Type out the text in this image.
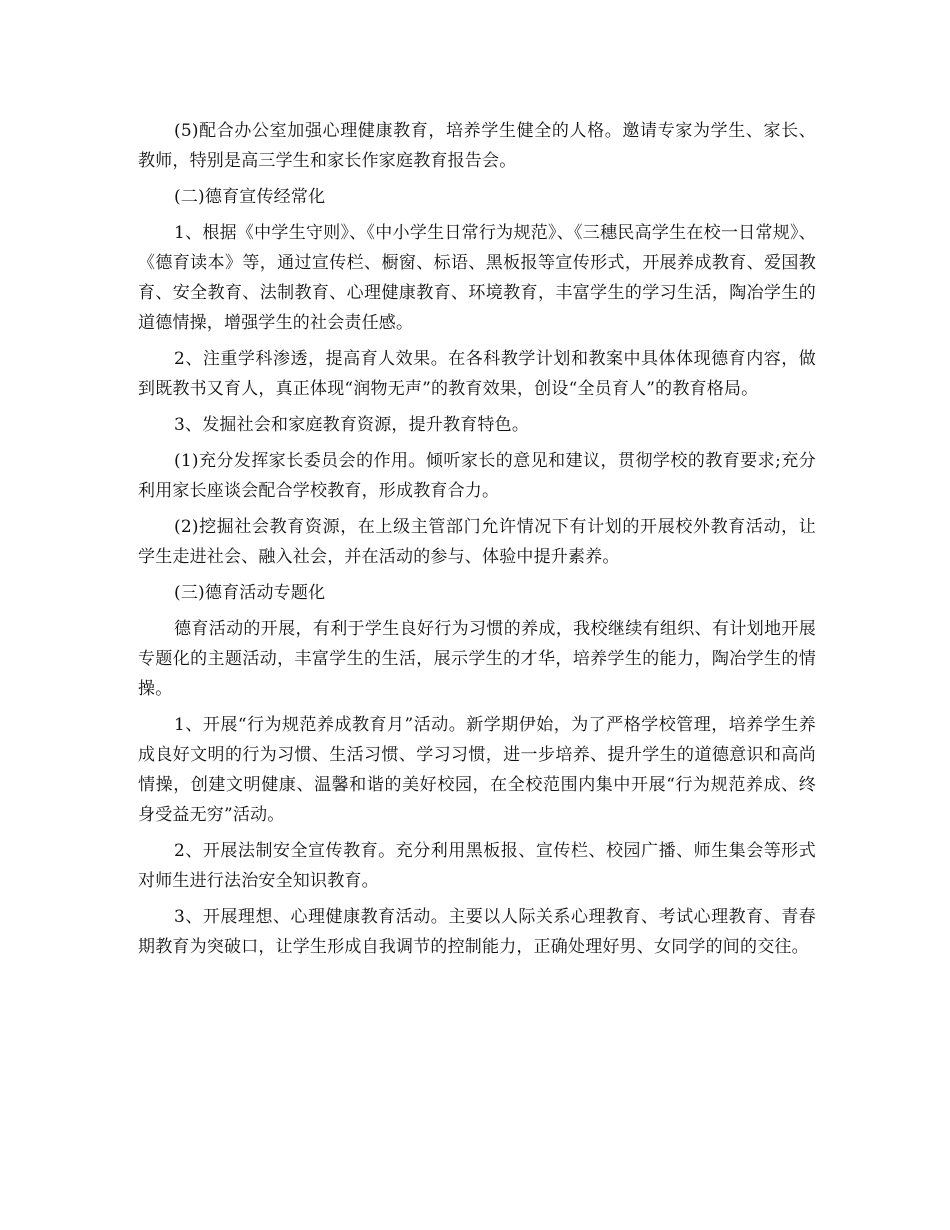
(5)配合办公室加强心理健康教育，培养学生健全的人格。邀请专家为学生、家长、教师，特别是高三学生和家长作家庭教育报告会。

(二)德育宣传经常化

1、根据《中学生守则》、《中小学生日常行为规范》、《三穗民高学生在校一日常规》、《德育读本》等，通过宣传栏、橱窗、标语、黑板报等宣传形式，开展养成教育、爱国教育、安全教育、法制教育、心理健康教育、环境教育，丰富学生的学习生活，陶冶学生的道德情操，增强学生的社会责任感。

2、注重学科渗透，提高育人效果。在各科教学计划和教案中具体体现德育内容，做到既教书又育人，真正体现“润物无声”的教育效果，创设“全员育人”的教育格局。

3、发掘社会和家庭教育资源，提升教育特色。

(1)充分发挥家长委员会的作用。倾听家长的意见和建议，贯彻学校的教育要求;充分利用家长座谈会配合学校教育，形成教育合力。

(2)挖掘社会教育资源，在上级主管部门允许情况下有计划的开展校外教育活动，让学生走进社会、融入社会，并在活动的参与、体验中提升素养。

(三)德育活动专题化

德育活动的开展，有利于学生良好行为习惯的养成，我校继续有组织、有计划地开展专题化的主题活动，丰富学生的生活，展示学生的才华，培养学生的能力，陶冶学生的情操。

1、开展“行为规范养成教育月”活动。新学期伊始，为了严格学校管理，培养学生养成良好文明的行为习惯、生活习惯、学习习惯，进一步培养、提升学生的道德意识和高尚情操，创建文明健康、温馨和谐的美好校园，在全校范围内集中开展“行为规范养成、终身受益无穷”活动。

2、开展法制安全宣传教育。充分利用黑板报、宣传栏、校园广播、师生集会等形式对师生进行法治安全知识教育。

3、开展理想、心理健康教育活动。主要以人际关系心理教育、考试心理教育、青春期教育为突破口，让学生形成自我调节的控制能力，正确处理好男、女同学的间的交往。
